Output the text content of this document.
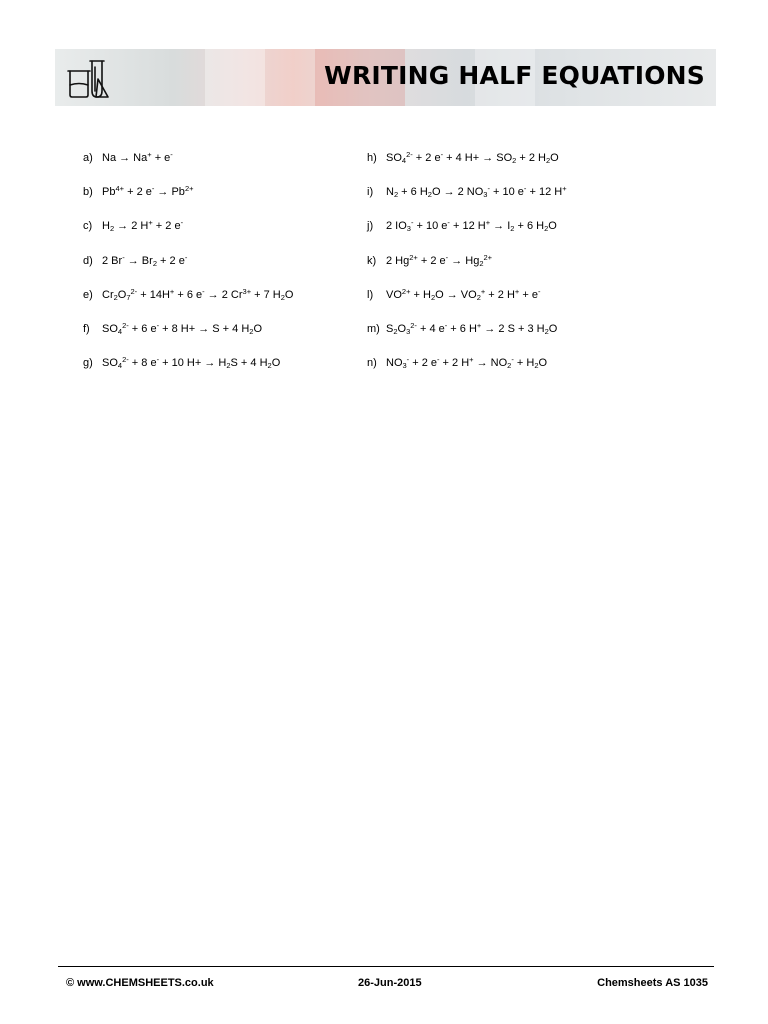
WRITING HALF EQUATIONS
a) Na → Na+ + e-
b) $Pb^{4+} + 2$ $e^- \to Pb^{2+}$
c) $H_2 \to 2$ H+ + 2 e-
d) 2 $Br^- \to Br_2 + 2$ e-
e) $Cr_2O_7^{2-} + 14H^+ + 6$ e- → 2 $Cr^{3+} + 7$ $H_2O$
f)	$SO_4^{2-} + 6$ e- + 8 H+ → S + 4 $H_2O$
g) $SO_4^{2-} + 8$ e- + 10 $H+ \to H_2S + 4$ $H_2O$
h) $SO_4^{2-} + 2$ e- + 4 $H+ \to SO_2 + 2$ $H_2O$
i)	$N_2 + 6$ $H_2O \to 2$ $NO_3^- + 10$ e- + 12 H+
j)	2 $IO_3^- + 10$ e- + 12 $H^+ \to I_2 + 6$ $H_2O$
k) 2 $Hg^{2+} + 2$ $e^- \to Hg_2^{2+}$
l)	$VO^{2+} + H_2O \to VO_2^+ + 2$ H+ + e-
m) $S_2O_3^{2-} + 4$ e- + 6 H+ → 2 S + 3 $H_2O$
n) $NO_3^- + 2$ e- + 2 $H^+ \to NO_2^- + H_2O$
© www.CHEMSHEETS.co.uk	26-Jun-2015	Chemsheets AS 1035
